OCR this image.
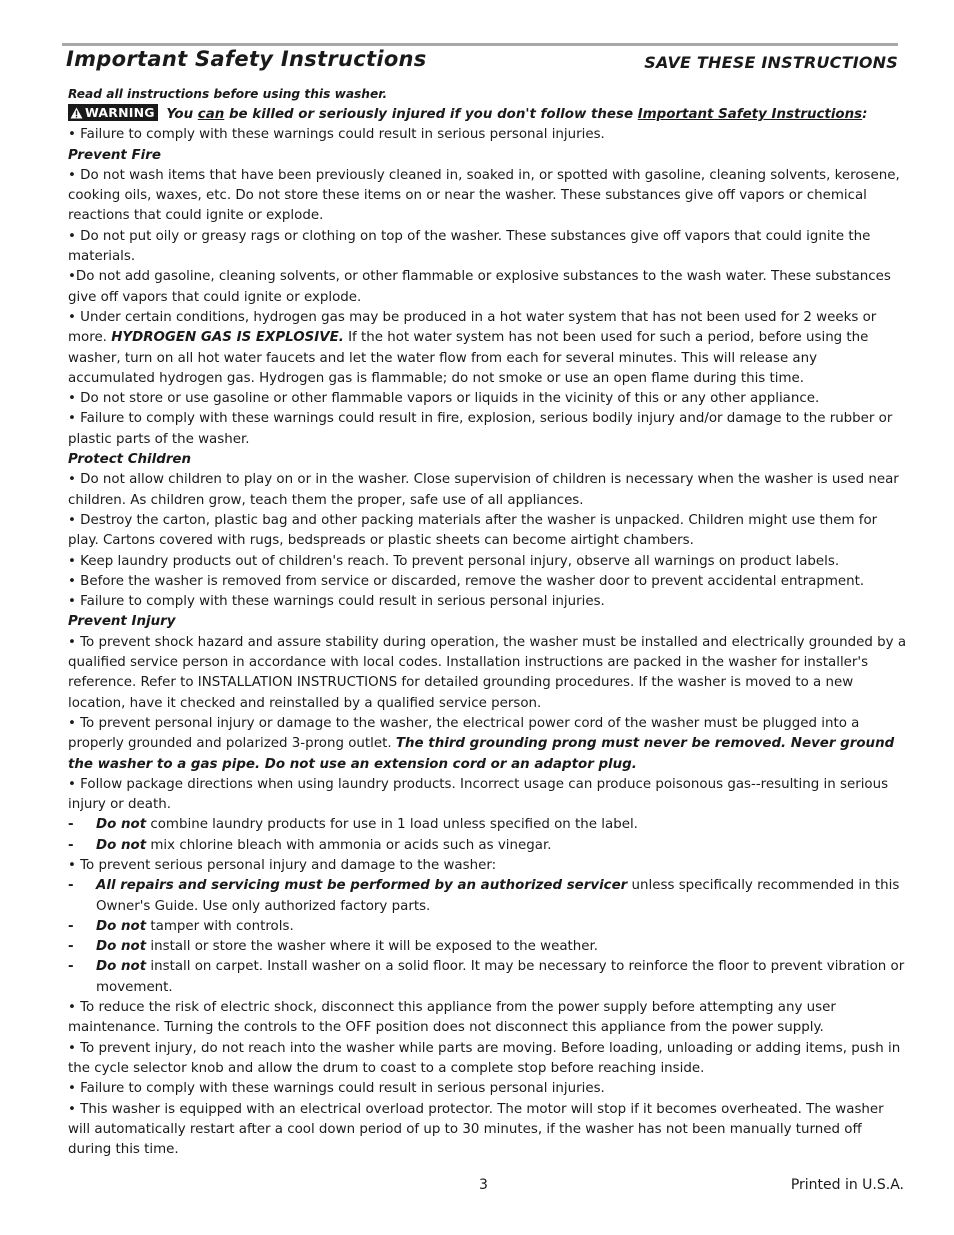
Important Safety Instructions	SAVE THESE INSTRUCTIONS

Read all instructions before using this washer.

WARNING You can be killed or seriously injured if you don't follow these Important Safety Instructions:

• Failure to comply with these warnings could result in serious personal injuries.

Prevent Fire

• Do not wash items that have been previously cleaned in, soaked in, or spotted with gasoline, cleaning solvents, kerosene, cooking oils, waxes, etc. Do not store these items on or near the washer. These substances give off vapors or chemical reactions that could ignite or explode.

• Do not put oily or greasy rags or clothing on top of the washer. These substances give off vapors that could ignite the materials.

•Do not add gasoline, cleaning solvents, or other flammable or explosive substances to the wash water. These substances give off vapors that could ignite or explode.

• Under certain conditions, hydrogen gas may be produced in a hot water system that has not been used for 2 weeks or more. HYDROGEN GAS IS EXPLOSIVE. If the hot water system has not been used for such a period, before using the washer, turn on all hot water faucets and let the water flow from each for several minutes. This will release any accumulated hydrogen gas. Hydrogen gas is flammable; do not smoke or use an open flame during this time.

• Do not store or use gasoline or other flammable vapors or liquids in the vicinity of this or any other appliance.

• Failure to comply with these warnings could result in fire, explosion, serious bodily injury and/or damage to the rubber or plastic parts of the washer.

Protect Children

• Do not allow children to play on or in the washer. Close supervision of children is necessary when the washer is used near children. As children grow, teach them the proper, safe use of all appliances.

• Destroy the carton, plastic bag and other packing materials after the washer is unpacked. Children might use them for play. Cartons covered with rugs, bedspreads or plastic sheets can become airtight chambers.

• Keep laundry products out of children's reach. To prevent personal injury, observe all warnings on product labels.

• Before the washer is removed from service or discarded, remove the washer door to prevent accidental entrapment.

• Failure to comply with these warnings could result in serious personal injuries.

Prevent Injury

• To prevent shock hazard and assure stability during operation, the washer must be installed and electrically grounded by a qualified service person in accordance with local codes. Installation instructions are packed in the washer for installer's reference. Refer to INSTALLATION INSTRUCTIONS for detailed grounding procedures. If the washer is moved to a new location, have it checked and reinstalled by a qualified service person.

• To prevent personal injury or damage to the washer, the electrical power cord of the washer must be plugged into a properly grounded and polarized 3-prong outlet. The third grounding prong must never be removed. Never ground the washer to a gas pipe. Do not use an extension cord or an adaptor plug.

• Follow package directions when using laundry products. Incorrect usage can produce poisonous gas--resulting in serious injury or death.

-	Do not combine laundry products for use in 1 load unless specified on the label.
-	Do not mix chlorine bleach with ammonia or acids such as vinegar.

• To prevent serious personal injury and damage to the washer:

-	All repairs and servicing must be performed by an authorized servicer unless specifically recommended in this Owner's Guide. Use only authorized factory parts.
-	Do not tamper with controls.
-	Do not install or store the washer where it will be exposed to the weather.
-	Do not install on carpet. Install washer on a solid floor. It may be necessary to reinforce the floor to prevent vibration or movement.

• To reduce the risk of electric shock, disconnect this appliance from the power supply before attempting any user maintenance. Turning the controls to the OFF position does not disconnect this appliance from the power supply.

• To prevent injury, do not reach into the washer while parts are moving. Before loading, unloading or adding items, push in the cycle selector knob and allow the drum to coast to a complete stop before reaching inside.

• Failure to comply with these warnings could result in serious personal injuries.

• This washer is equipped with an electrical overload protector. The motor will stop if it becomes overheated. The washer will automatically restart after a cool down period of up to 30 minutes, if the washer has not been manually turned off during this time.

3	Printed in U.S.A.
